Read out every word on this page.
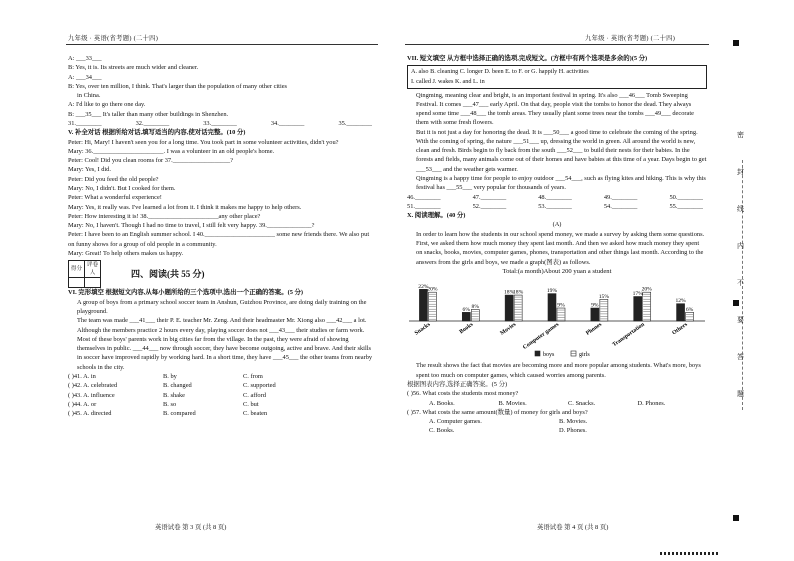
九年级 · 英语(省考题) (二十四)	九年级 · 英语(省考题) (二十四)

A: ___33___

B: Yes, it is. Its streets are much wider and cleaner.

A: ___34___

B: Yes, over ten million, I think. That's larger than the population of many other cities

in China.

A: I'd like to go there one day.

B: ___35___ It's taller than many other buildings in Shenzhen.

31.________	32.________	33.________	34.________	35.________

V. 补全对话 根据所给对话,填写适当的内容,使对话完整。(10 分)

Peter: Hi, Mary! I haven't seen you for a long time. You took part in some volunteer activities, didn't you?

Mary: 36.______________________. I was a volunteer in an old people's home.

Peter: Cool! Did you clean rooms for 37.__________________?

Mary: Yes, I did.

Peter: Did you feed the old people?

Mary: No, I didn't. But I cooked for them.

Peter: What a wonderful experience!

Mary: Yes, it really was. I've learned a lot from it. I think it makes me happy to help others.

Peter: How interesting it is! 38.______________________any other place?

Mary: No, I haven't. Though I had no time to travel, I still felt very happy. 39.______________?

Peter: I have been to an English summer school. I 40.______________________ some new friends there. We also put on funny shows for a group of old people in a community.

Mary: Great! To help others makes us happy.

得分	评卷人
		四、阅读(共 55 分)

VI. 完形填空 根据短文内容,从每小题所给的三个选项中,选出一个正确的答案。(5 分)

A group of boys from a primary school soccer team in Anshun, Guizhou Province, are doing daily training on the playground.

The team was made ___41___ their P. E. teacher Mr. Zeng. And their headmaster Mr. Xiong also ___42___ a lot. Although the members practice 2 hours every day, playing soccer does not ___43___ their studies or farm work.

Most of these boys' parents work in big cities far from the village. In the past, they were afraid of showing themselves in public. ___44___ now through soccer, they have become outgoing, active and brave. And their skills in soccer have improved rapidly by working hard. In a short time, they have ___45___ the other teams from nearby schools in the city.

( )41. A. in	B. by	C. from
( )42. A. celebrated	B. changed	C. supported
( )43. A. influence	B. shake	C. afford
( )44. A. or	B. so	C. but
( )45. A. directed	B. compared	C. beaten
英语试卷 第 3 页 (共 8 页)

VII. 短文填空 从方框中选择正确的选项,完成短文。(方框中有两个选项是多余的)(5 分)

A. also B. cleaning C. longer D. been E. to F. or G. happily H. activities
I. called J. wakes K. and L. in

Qingming, meaning clear and bright, is an important festival in spring. It's also ___46___ Tomb Sweeping Festival. It comes ___47___ early April. On that day, people visit the tombs to honor the dead. They always spend some time ___48___ the tomb areas. They usually plant some trees near the tombs ___49___ decorate them with some fresh flowers.

But it is not just a day for honoring the dead. It is ___50___ a good time to celebrate the coming of the spring. With the coming of spring, the nature ___51___ up, dressing the world in green. All around the world is new, clean and fresh. Birds begin to fly back from the south ___52___ to build their nests for their babies. In the forests and fields, many animals come out of their homes and have babies at this time of a year. Days begin to get ___53___ and the weather gets warmer.

Qingming is a happy time for people to enjoy outdoor ___54___, such as flying kites and hiking. This is why this festival has ___55___ very popular for thousands of years.

46.________	47.________	48.________	49.________	50.________
51.________	52.________	53.________	54.________	55.________

X. 阅读理解。(40 分)

(A)

In order to learn how the students in our school spend money, we made a survey by asking them some questions. First, we asked them how much money they spent last month. And then we asked how much money they spent on snacks, books, movies, computer games, phones, transportation and other things last month. According to the answers from the girls and boys, we made a graph(图表) as follows.

Total:(a month)About 200 yuan a student
22%
20%
Snacks
6% 8%
Books
18%
18%
Movies
19%
9%
Computer games
9%
15%
Phones
17%
20%
Transportation
12%
6%
Others
boys	girls

The result shows the fact that movies are becoming more and more popular among students. What's more, boys spent too much on computer games, which caused worries among parents.

根据图表内容,选择正确答案。(5 分)

( )56. What costs the students most money?

A. Books.	B. Movies.	C. Snacks.	D. Phones.

( )57. What costs the same amount(数量) of money for girls and boys?

A. Computer games.	B. Movies.
C. Books.	D. Phones.
英语试卷 第 4 页 (共 8 页)
密
封
线
内
不
要
答
题
